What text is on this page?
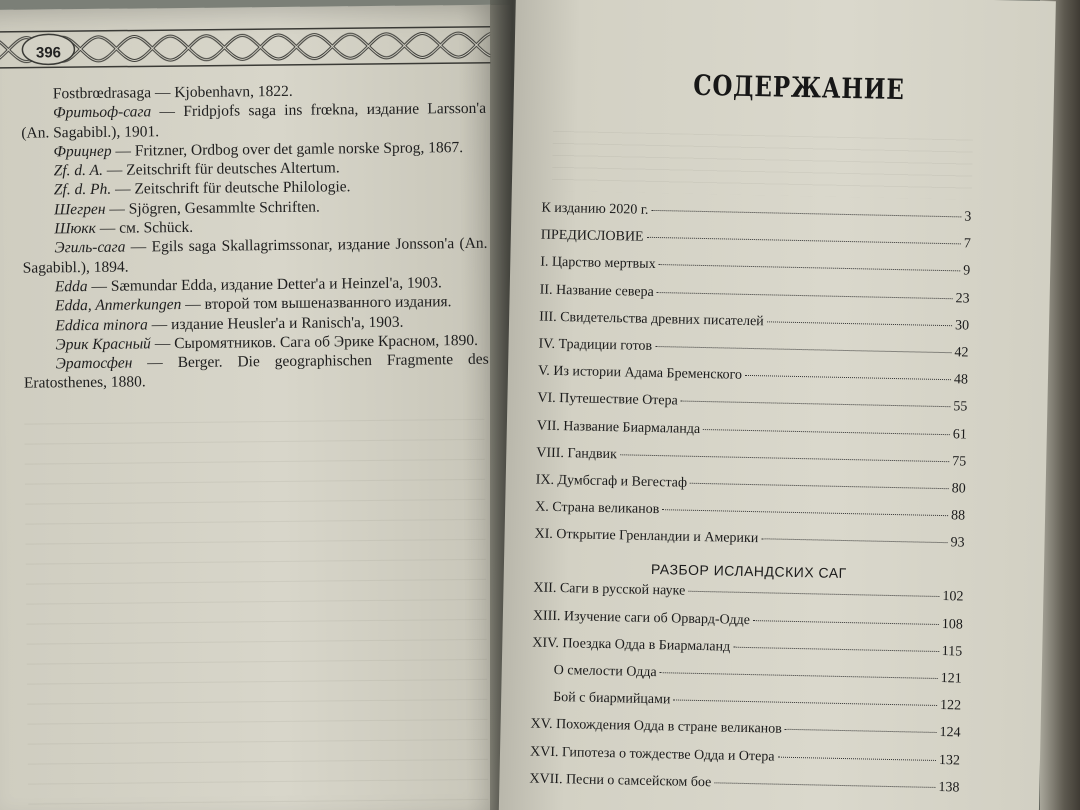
396

Fostbrœdrasaga — Kjobenhavn, 1822.

Фритьоф-сага — Fridpjofs saga ins frœkna, издание Larsson'a (An. Sagabibl.), 1901.

Фрицнер — Fritzner, Ordbog over det gamle norske Sprog, 1867.

Zf. d. A. — Zeitschrift für deutsches Altertum.

Zf. d. Ph. — Zeitschrift für deutsche Philologie.

Шегрен — Sjögren, Gesammlte Schriften.

Шюкк — см. Schück.

Эгиль-сага — Egils saga Skallagrimssonar, издание Jonsson'a (An. Sagabibl.), 1894.

Edda — Sæmundar Edda, издание Detter'a и Heinzel'a, 1903.

Edda, Anmerkungen — второй том вышеназванного издания.

Eddica minora — издание Heusler'a и Ranisch'a, 1903.

Эрик Красный — Сыромятников. Сага об Эрике Красном, 1890.

Эратосфен — Berger. Die geographischen Fragmente des Eratosthenes, 1880.

СОДЕРЖАНИЕ
К изданию 2020 г.	3
ПРЕДИСЛОВИЕ	7
I. Царство мертвых	9
II. Название севера	23
III. Свидетельства древних писателей	30
IV. Традиции готов	42
V. Из истории Адама Бременского	48
VI. Путешествие Отера	55
VII. Название Биармаланда	61
VIII. Гандвик	75
IX. Думбсгаф и Вегестаф	80
X. Страна великанов	88
XI. Открытие Гренландии и Америки	93
РАЗБОР ИСЛАНДСКИХ САГ
XII. Саги в русской науке	102
XIII. Изучение саги об Орвард-Одде	108
XIV. Поездка Одда в Биармаланд	115
О смелости Одда	121
Бой с биармийцами	122
XV. Похождения Одда в стране великанов	124
XVI. Гипотеза о тождестве Одда и Отера	132
XVII. Песни о самсейском бое	138
